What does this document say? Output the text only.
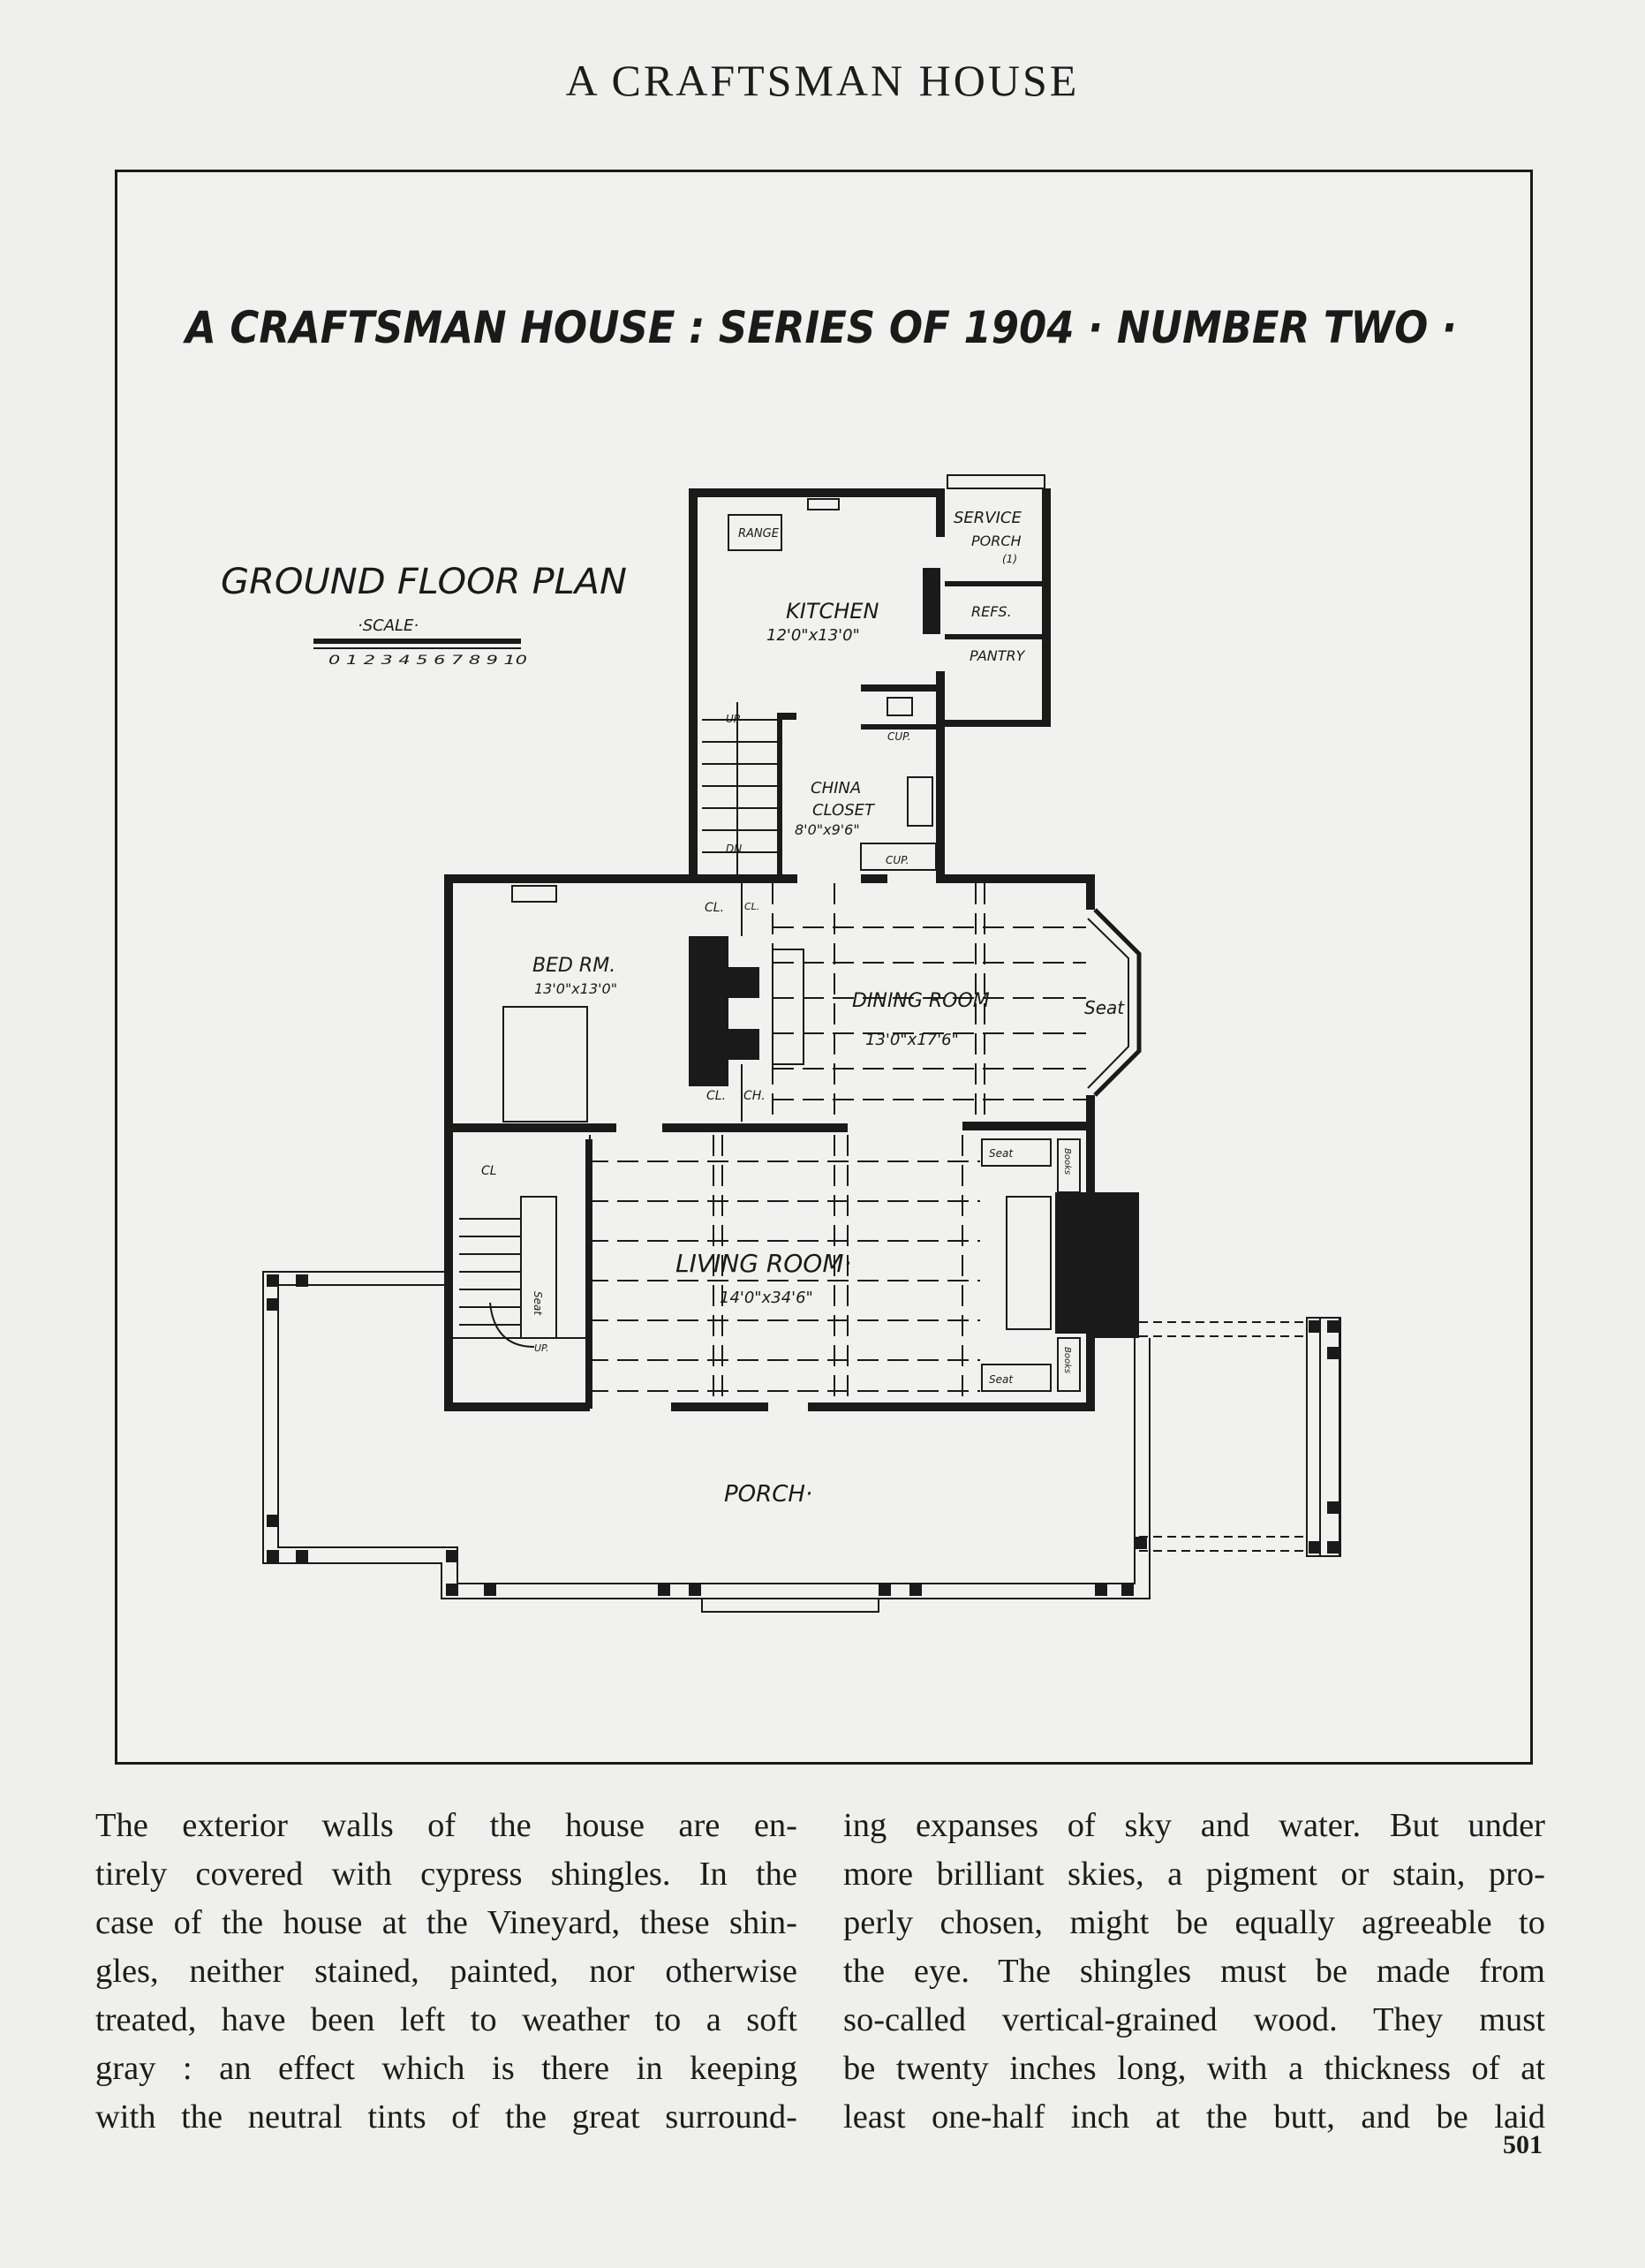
A CRAFTSMAN HOUSE
A CRAFTSMAN HOUSE : SERIES OF 1904 · NUMBER TWO ·
GROUND FLOOR PLAN
·SCALE·
0 1 2 3 4 5 6 7 8 9 10
RANGE
SERVICE
PORCH
(1)
REFS.
PANTRY
KITCHEN
12'0"x13'0"
UP
DN
CUP.
CHINA
CLOSET
8'0"x9'6"
CUP.
CL. CL.
CL. CH.
BED RM.
13'0"x13'0"
DINING ROOM
13'0"x17'6"
Seat
Seat
Seat
Seat
Books
Books
CL
UP.
LIVING ROOM·
14'0"x34'6"
PORCH·
The exterior walls of the house are en-
tirely covered with cypress shingles. In the
case of the house at the Vineyard, these shin-
gles, neither stained, painted, nor otherwise
treated, have been left to weather to a soft
gray : an effect which is there in keeping
with the neutral tints of the great surround-
ing expanses of sky and water. But under
more brilliant skies, a pigment or stain, pro-
perly chosen, might be equally agreeable to
the eye. The shingles must be made from
so-called vertical-grained wood. They must
be twenty inches long, with a thickness of at
least one-half inch at the butt, and be laid
501
